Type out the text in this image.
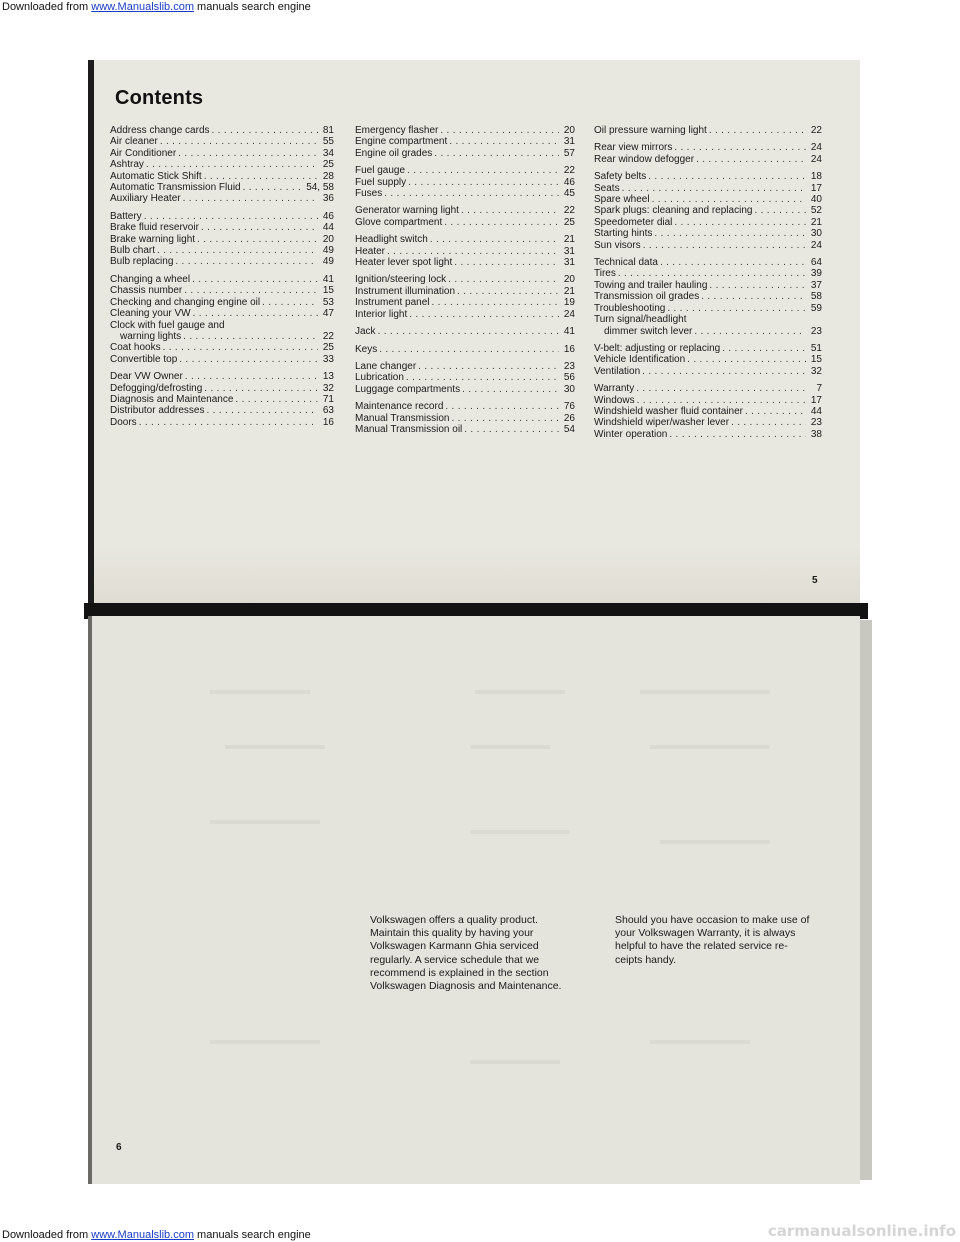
Downloaded from www.Manualslib.com manuals search engine
Contents
Address change cards . . .	81
Air cleaner . . .	55
Air Conditioner . . .	34
Ashtray . . .	25
Automatic Stick Shift . . .	28
Automatic Transmission Fluid . . .	54, 58
Auxiliary Heater . . .	36
Battery . . .	46
Brake fluid reservoir . . .	44
Brake warning light . . .	20
Bulb chart . . .	49
Bulb replacing . . .	49
Changing a wheel . . .	41
Chassis number . . .	15
Checking and changing engine oil . . .	53
Cleaning your VW . . .	47
Clock with fuel gauge and
warning lights . . .	22
Coat hooks . . .	25
Convertible top . . .	33
Dear VW Owner . . .	13
Defogging/defrosting . . .	32
Diagnosis and Maintenance . . .	71
Distributor addresses . . .	63
Doors . . .	16
Emergency flasher . . .	20
Engine compartment . . .	31
Engine oil grades . . .	57
Fuel gauge . . .	22
Fuel supply . . .	46
Fuses . . .	45
Generator warning light . . .	22
Glove compartment . . .	25
Headlight switch . . .	21
Heater . . .	31
Heater lever spot light . . .	31
Ignition/steering lock . . .	20
Instrument illumination . . .	21
Instrument panel . . .	19
Interior light . . .	24
Jack . . .	41
Keys . . .	16
Lane changer . . .	23
Lubrication . . .	56
Luggage compartments . . .	30
Maintenance record . . .	76
Manual Transmission . . .	26
Manual Transmission oil . . .	54
Oil pressure warning light . . .	22
Rear view mirrors . . .	24
Rear window defogger . . .	24
Safety belts . . .	18
Seats . . .	17
Spare wheel . . .	40
Spark plugs: cleaning and replacing . . .	52
Speedometer dial . . .	21
Starting hints . . .	30
Sun visors . . .	24
Technical data . . .	64
Tires . . .	39
Towing and trailer hauling . . .	37
Transmission oil grades . . .	58
Troubleshooting . . .	59
Turn signal/headlight
dimmer switch lever . . .	23
V-belt: adjusting or replacing . . .	51
Vehicle Identification . . .	15
Ventilation . . .	32
Warranty . . .	7
Windows . . .	17
Windshield washer fluid container . . .	44
Windshield wiper/washer lever . . .	23
Winter operation . . .	38
5
6
Volkswagen offers a quality product.
Maintain this quality by having your
Volkswagen Karmann Ghia serviced
regularly. A service schedule that we
recommend is explained in the section
Volkswagen Diagnosis and Maintenance.
Should you have occasion to make use of
your Volkswagen Warranty, it is always
helpful to have the related service re-
ceipts handy.
Downloaded from www.Manualslib.com manuals search engine	carmanualsonline.info
